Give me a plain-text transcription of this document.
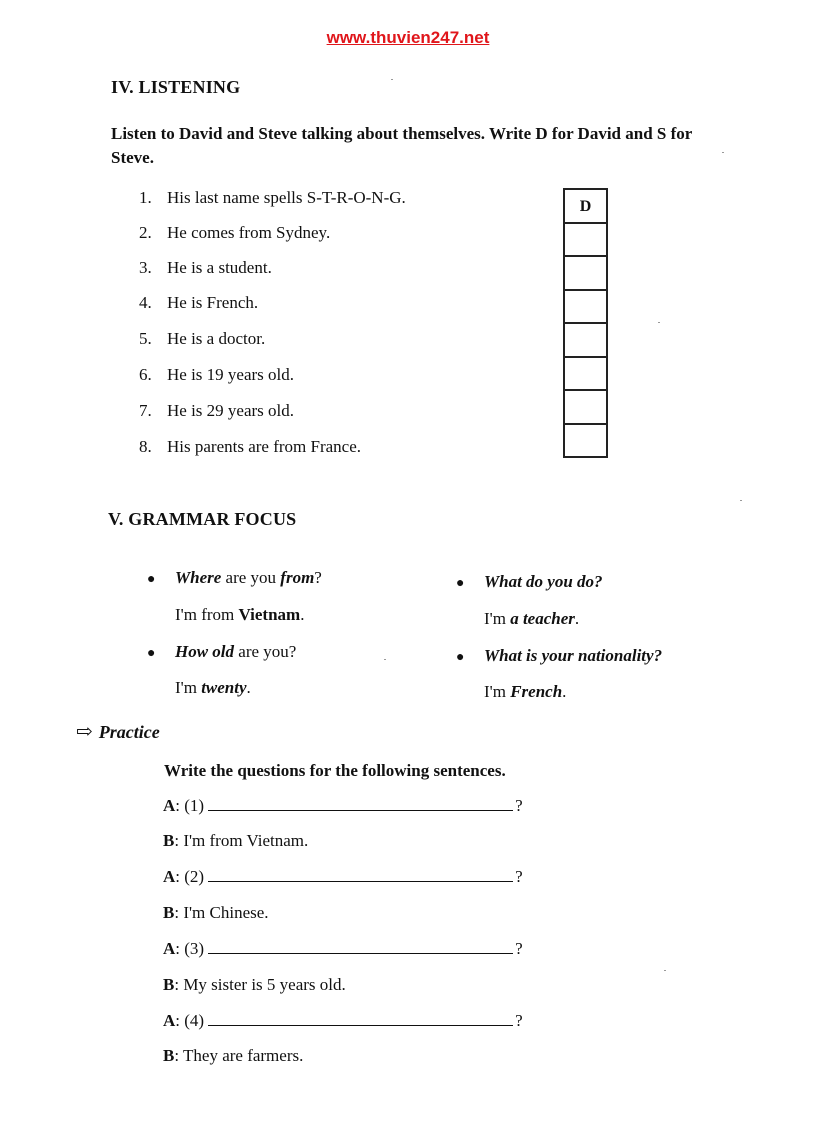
www.thuvien247.net
IV. LISTENING
Listen to David and Steve talking about themselves. Write D for David and S for Steve.
1. His last name spells S-T-R-O-N-G.
2. He comes from Sydney.
3. He is a student.
4. He is French.
5. He is a doctor.
6. He is 19 years old.
7. He is 29 years old.
8. His parents are from France.
D
V. GRAMMAR FOCUS
● Where are you from?
I'm from Vietnam.
● How old are you?
I'm twenty.
● What do you do?
I'm a teacher.
● What is your nationality?
I'm French.
⇨ Practice
Write the questions for the following sentences.
A: (1)	?
B: I'm from Vietnam.
A: (2)	?
B: I'm Chinese.
A: (3)	?
B: My sister is 5 years old.
A: (4)	?
B: They are farmers.
